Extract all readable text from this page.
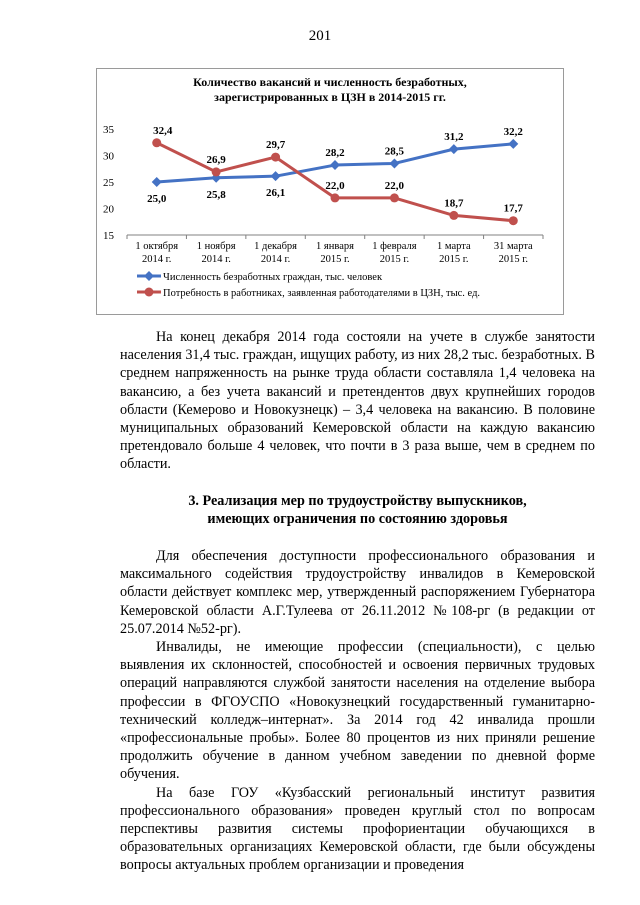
201
Количество вакансий и численность безработных,
зарегистрированных в ЦЗН в 2014-2015 гг.
15
20
25
30
35
1 октября
2014 г.
1 ноября
2014 г.
1 декабря
2014 г.
1 января
2015 г.
1 февраля
2015 г.
1 марта
2015 г.
31 марта
2015 г.
25,0	25,8	26,1
28,2	28,5
31,2	32,2
32,4
26,9
29,7
22,0	22,0
18,7	17,7
Численность безработных граждан, тыс. человек
Потребность в работниках, заявленная работодателями в ЦЗН, тыс. ед.

На конец декабря 2014 года состояли на учете в службе занятости населения 31,4 тыс. граждан, ищущих работу, из них 28,2 тыс. безработных. В среднем напряженность на рынке труда области составляла 1,4 человека на вакансию, а без учета вакансий и претендентов двух крупнейших городов области (Кемерово и Новокузнецк) – 3,4 человека на вакансию. В половине муниципальных образований Кемеровской области на каждую вакансию претендовало больше 4 человек, что почти в 3 раза выше, чем в среднем по области.

3. Реализация мер по трудоустройству выпускников,
имеющих ограничения по состоянию здоровья

Для обеспечения доступности профессионального образования и максимального содействия трудоустройству инвалидов в Кемеровской области действует комплекс мер, утвержденный распоряжением Губернатора Кемеровской области А.Г.Тулеева от 26.11.2012 №108-рг (в редакции от 25.07.2014 №52-рг).

Инвалиды, не имеющие профессии (специальности), с целью выявления их склонностей, способностей и освоения первичных трудовых операций направляются службой занятости населения на отделение выбора профессии в ФГОУСПО «Новокузнецкий государственный гуманитарно-технический колледж–интернат». За 2014 год 42 инвалида прошли «профессиональные пробы». Более 80 процентов из них приняли решение продолжить обучение в данном учебном заведении по дневной форме обучения.

На базе ГОУ «Кузбасский региональный институт развития профессионального образования» проведен круглый стол по вопросам перспективы развития системы профориентации обучающихся в образовательных организациях Кемеровской области, где были обсуждены вопросы актуальных проблем организации и проведения
